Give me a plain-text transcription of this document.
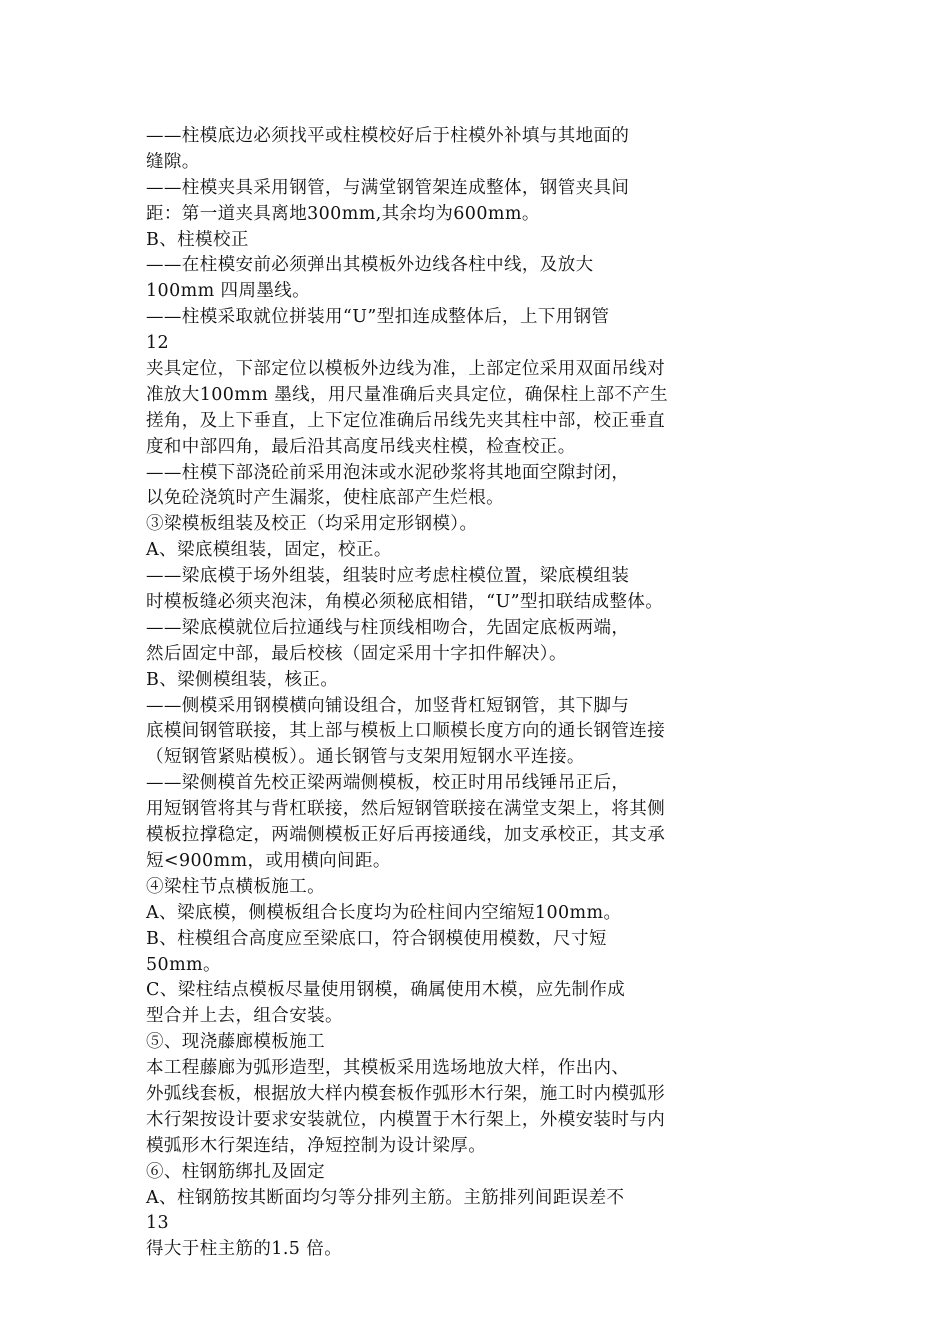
——柱模底边必须找平或柱模校好后于柱模外补填与其地面的
缝隙。
——柱模夹具采用钢管，与满堂钢管架连成整体，钢管夹具间
距：第一道夹具离地300mm,其余均为600mm。
B、柱模校正
——在柱模安前必须弹出其模板外边线各柱中线，及放大
100mm 四周墨线。
——柱模采取就位拼装用“U”型扣连成整体后，上下用钢管
12
夹具定位，下部定位以模板外边线为准，上部定位采用双面吊线对
准放大100mm 墨线，用尺量准确后夹具定位，确保柱上部不产生
搓角，及上下垂直，上下定位准确后吊线先夹其柱中部，校正垂直
度和中部四角，最后沿其高度吊线夹柱模，检查校正。
——柱模下部浇砼前采用泡沫或水泥砂浆将其地面空隙封闭，
以免砼浇筑时产生漏浆，使柱底部产生烂根。
③梁模板组装及校正（均采用定形钢模）。
A、梁底模组装，固定，校正。
——梁底模于场外组装，组装时应考虑柱模位置，梁底模组装
时模板缝必须夹泡沫，角模必须秘底相错，“U”型扣联结成整体。
——梁底模就位后拉通线与柱顶线相吻合，先固定底板两端，
然后固定中部，最后校核（固定采用十字扣件解决）。
B、梁侧模组装，核正。
——侧模采用钢模横向铺设组合，加竖背杠短钢管，其下脚与
底模间钢管联接，其上部与模板上口顺模长度方向的通长钢管连接
（短钢管紧贴模板）。通长钢管与支架用短钢水平连接。
——梁侧模首先校正梁两端侧模板，校正时用吊线锤吊正后，
用短钢管将其与背杠联接，然后短钢管联接在满堂支架上，将其侧
模板拉撑稳定，两端侧模板正好后再接通线，加支承校正，其支承
短<900mm，或用横向间距。
④梁柱节点横板施工。
A、梁底模，侧模板组合长度均为砼柱间内空缩短100mm。
B、柱模组合高度应至梁底口，符合钢模使用模数，尺寸短
50mm。
C、梁柱结点模板尽量使用钢模，确属使用木模，应先制作成
型合并上去，组合安装。
⑤、现浇藤廊模板施工
本工程藤廊为弧形造型，其模板采用选场地放大样，作出内、
外弧线套板，根据放大样内模套板作弧形木行架，施工时内模弧形
木行架按设计要求安装就位，内模置于木行架上，外模安装时与内
模弧形木行架连结，净短控制为设计梁厚。
⑥、柱钢筋绑扎及固定
A、柱钢筋按其断面均匀等分排列主筋。主筋排列间距误差不
13
得大于柱主筋的1.5 倍。
